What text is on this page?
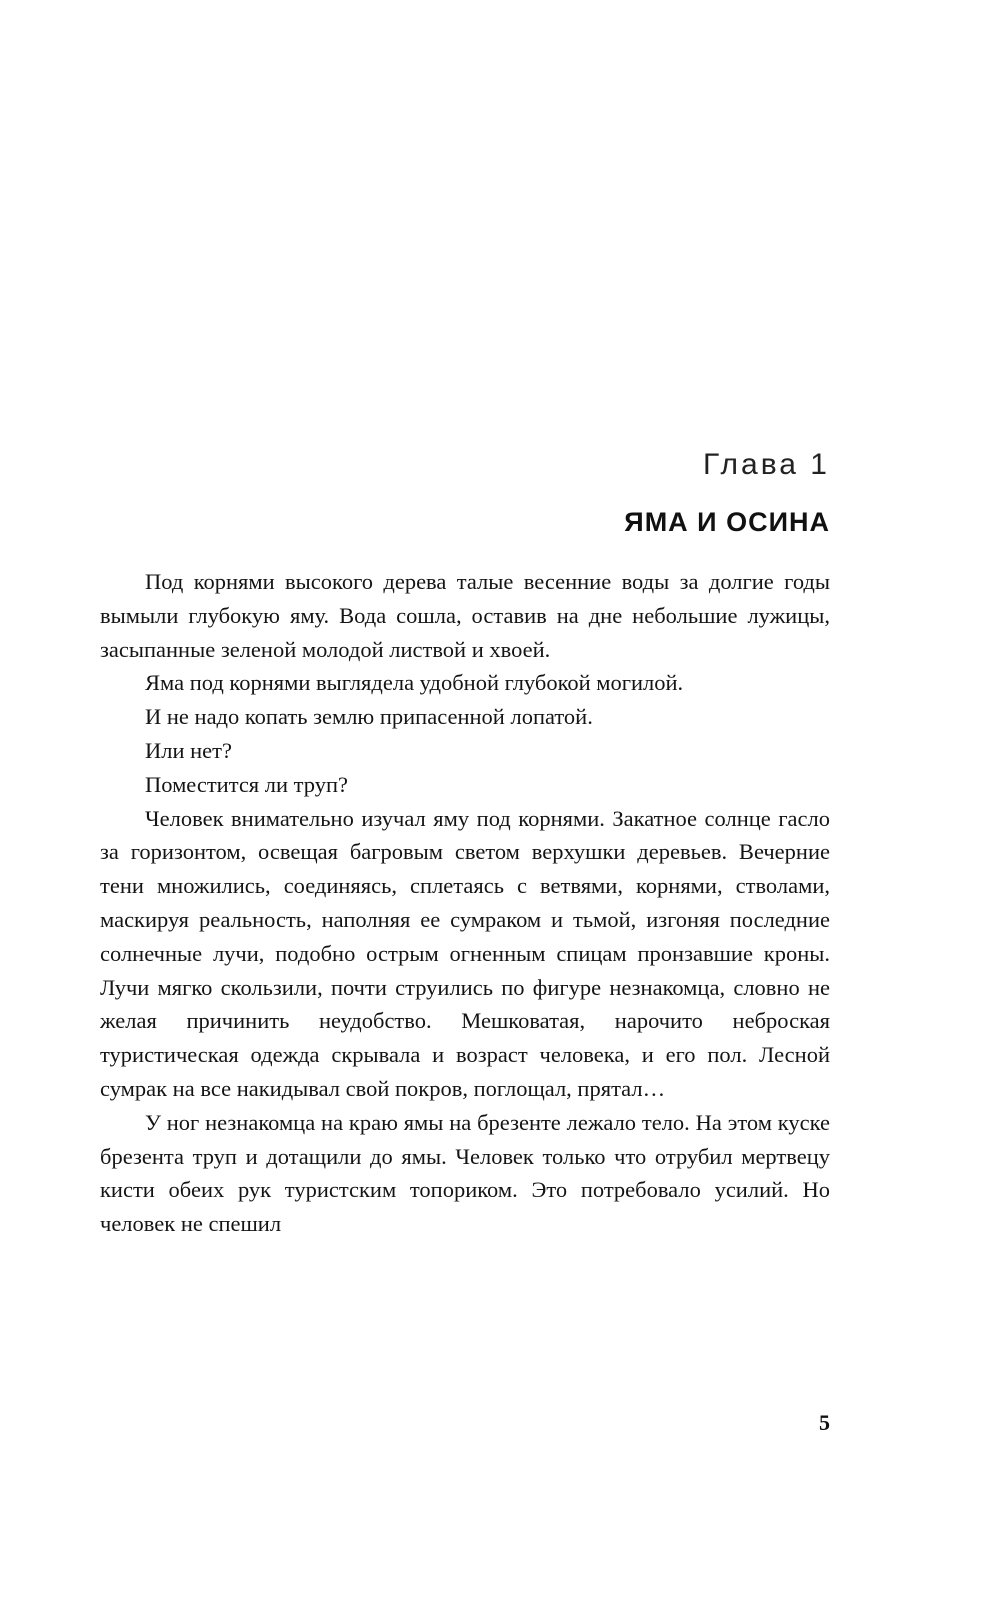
Глава 1
ЯМА И ОСИНА

Под корнями высокого дерева талые весенние воды за долгие годы вымыли глубокую яму. Вода сошла, оставив на дне небольшие лужицы, засыпанные зеленой молодой листвой и хвоей.

Яма под корнями выглядела удобной глубокой могилой.

И не надо копать землю припасенной лопатой.

Или нет?

Поместится ли труп?

Человек внимательно изучал яму под корнями. Закатное солнце гасло за горизонтом, освещая багровым светом верхушки деревьев. Вечерние тени множились, соединяясь, сплетаясь с ветвями, корнями, стволами, маскируя реальность, наполняя ее сумраком и тьмой, изгоняя последние солнечные лучи, подобно острым огненным спицам пронзавшие кроны. Лучи мягко скользили, почти струились по фигуре незнакомца, словно не желая причинить неудобство. Мешковатая, нарочито неброская туристическая одежда скрывала и возраст человека, и его пол. Лесной сумрак на все накидывал свой покров, поглощал, прятал…

У ног незнакомца на краю ямы на брезенте лежало тело. На этом куске брезента труп и дотащили до ямы. Человек только что отрубил мертвецу кисти обеих рук туристским топориком. Это потребовало усилий. Но человек не спешил

5
